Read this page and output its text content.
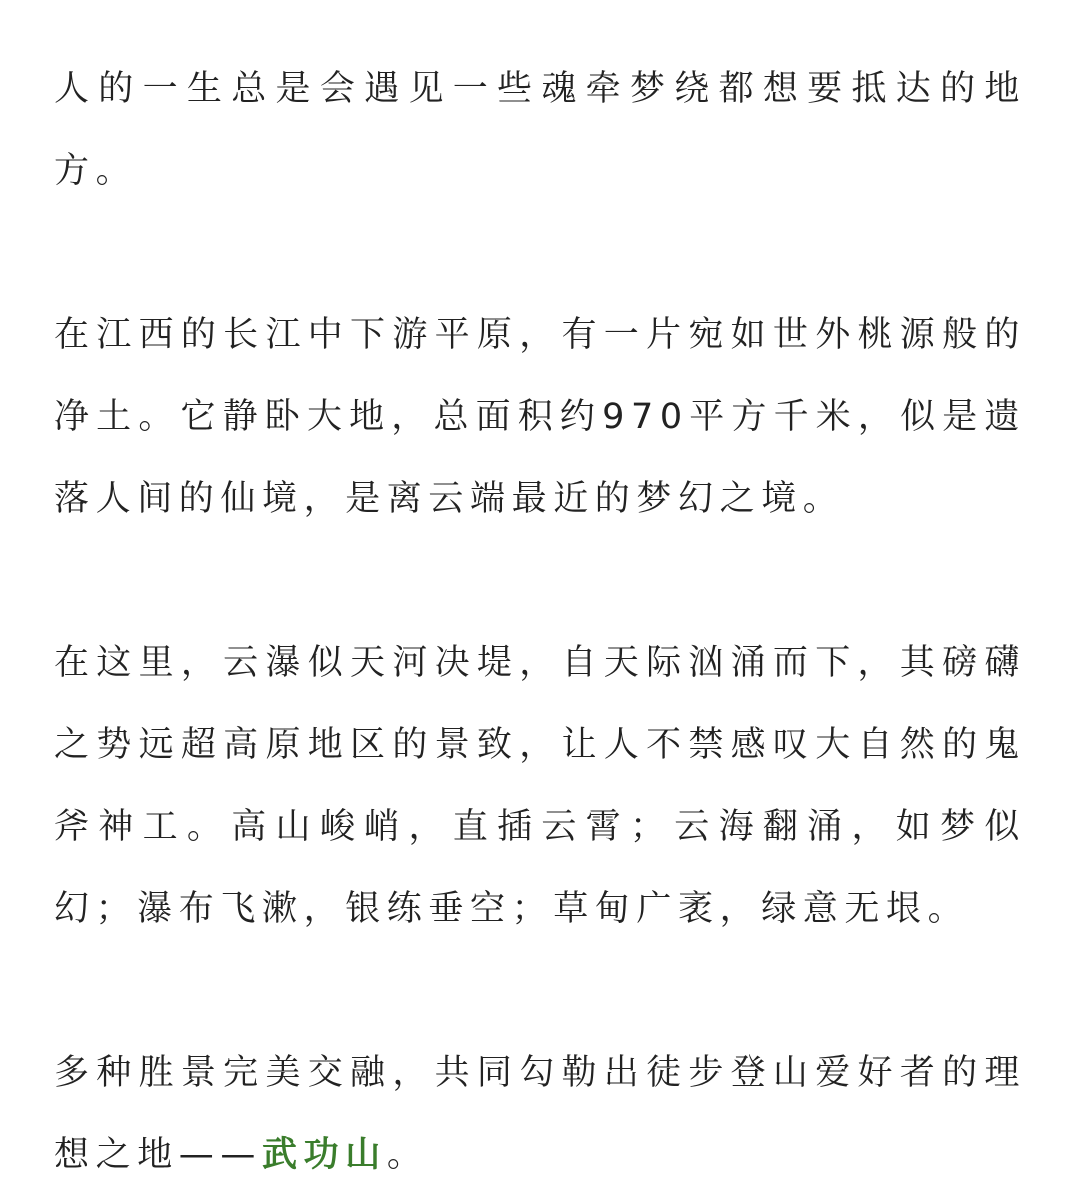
人的一生总是会遇见一些魂牵梦绕都想要抵达的地方。

在江西的长江中下游平原，有一片宛如世外桃源般的净土。它静卧大地，总面积约970平方千米，似是遗落人间的仙境，是离云端最近的梦幻之境。

在这里，云瀑似天河决堤，自天际汹涌而下，其磅礴之势远超高原地区的景致，让人不禁感叹大自然的鬼斧神工。高山峻峭，直插云霄；云海翻涌，如梦似幻；瀑布飞漱，银练垂空；草甸广袤，绿意无垠。

多种胜景完美交融，共同勾勒出徒步登山爱好者的理想之地——武功山。
